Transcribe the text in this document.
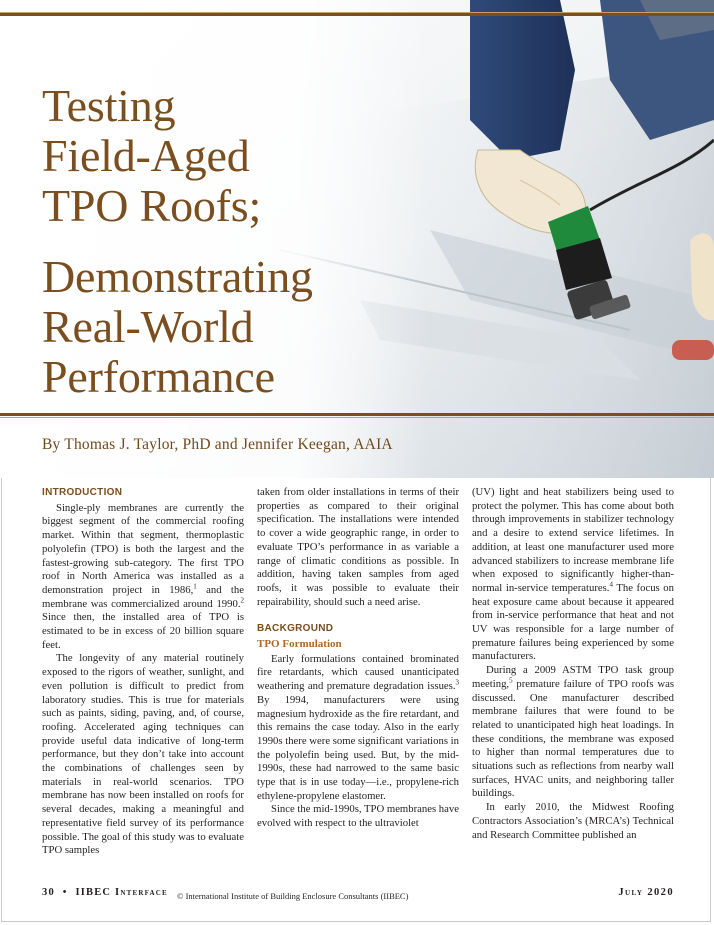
Testing
Field-Aged
TPO Roofs;
Demonstrating
Real-World
Performance
By Thomas J. Taylor, PhD and Jennifer Keegan, AAIA
INTRODUCTION

Single-ply membranes are currently the biggest segment of the commercial roofing market. Within that segment, thermoplastic polyolefin (TPO) is both the largest and the fastest-growing sub-category. The first TPO roof in North America was installed as a demonstration project in 1986,$^1$ and the membrane was commercialized around 1990.$^2$ Since then, the installed area of TPO is estimated to be in excess of 20 billion square feet.

The longevity of any material routinely exposed to the rigors of weather, sunlight, and even pollution is difficult to predict from laboratory studies. This is true for materials such as paints, siding, paving, and, of course, roofing. Accelerated aging techniques can provide useful data indicative of long-term performance, but they don’t take into account the combinations of challenges seen by materials in real-world scenarios. TPO membrane has now been installed on roofs for several decades, making a meaningful and representative field survey of its performance possible. The goal of this study was to evaluate TPO samples

taken from older installations in terms of their properties as compared to their original specification. The installations were intended to cover a wide geographic range, in order to evaluate TPO’s performance in as variable a range of climatic conditions as possible. In addition, having taken samples from aged roofs, it was possible to evaluate their repairability, should such a need arise.

BACKGROUND
TPO Formulation

Early formulations contained brominated fire retardants, which caused unanticipated weathering and premature degradation issues.$^3$ By 1994, manufacturers were using magnesium hydroxide as the fire retardant, and this remains the case today. Also in the early 1990s there were some significant variations in the polyolefin being used. But, by the mid-1990s, these had narrowed to the same basic type that is in use today—i.e., propylene-rich ethylene-propylene elastomer.

Since the mid-1990s, TPO membranes have evolved with respect to the ultraviolet

(UV) light and heat stabilizers being used to protect the polymer. This has come about both through improvements in stabilizer technology and a desire to extend service lifetimes. In addition, at least one manufacturer used more advanced stabilizers to increase membrane life when exposed to significantly higher-than-normal in-service temperatures.$^4$ The focus on heat exposure came about because it appeared from in-service performance that heat and not UV was responsible for a large number of premature failures being experienced by some manufacturers.

During a 2009 ASTM TPO task group meeting,$^5$ premature failure of TPO roofs was discussed. One manufacturer described membrane failures that were found to be related to unanticipated high heat loadings. In these conditions, the membrane was exposed to higher than normal temperatures due to situations such as reflections from nearby wall surfaces, HVAC units, and neighboring taller buildings.

In early 2010, the Midwest Roofing Contractors Association’s (MRCA’s) Technical and Research Committee published an

30 • IIBEC Interface © International Institute of Building Enclosure Consultants (IIBEC)	July 2020
